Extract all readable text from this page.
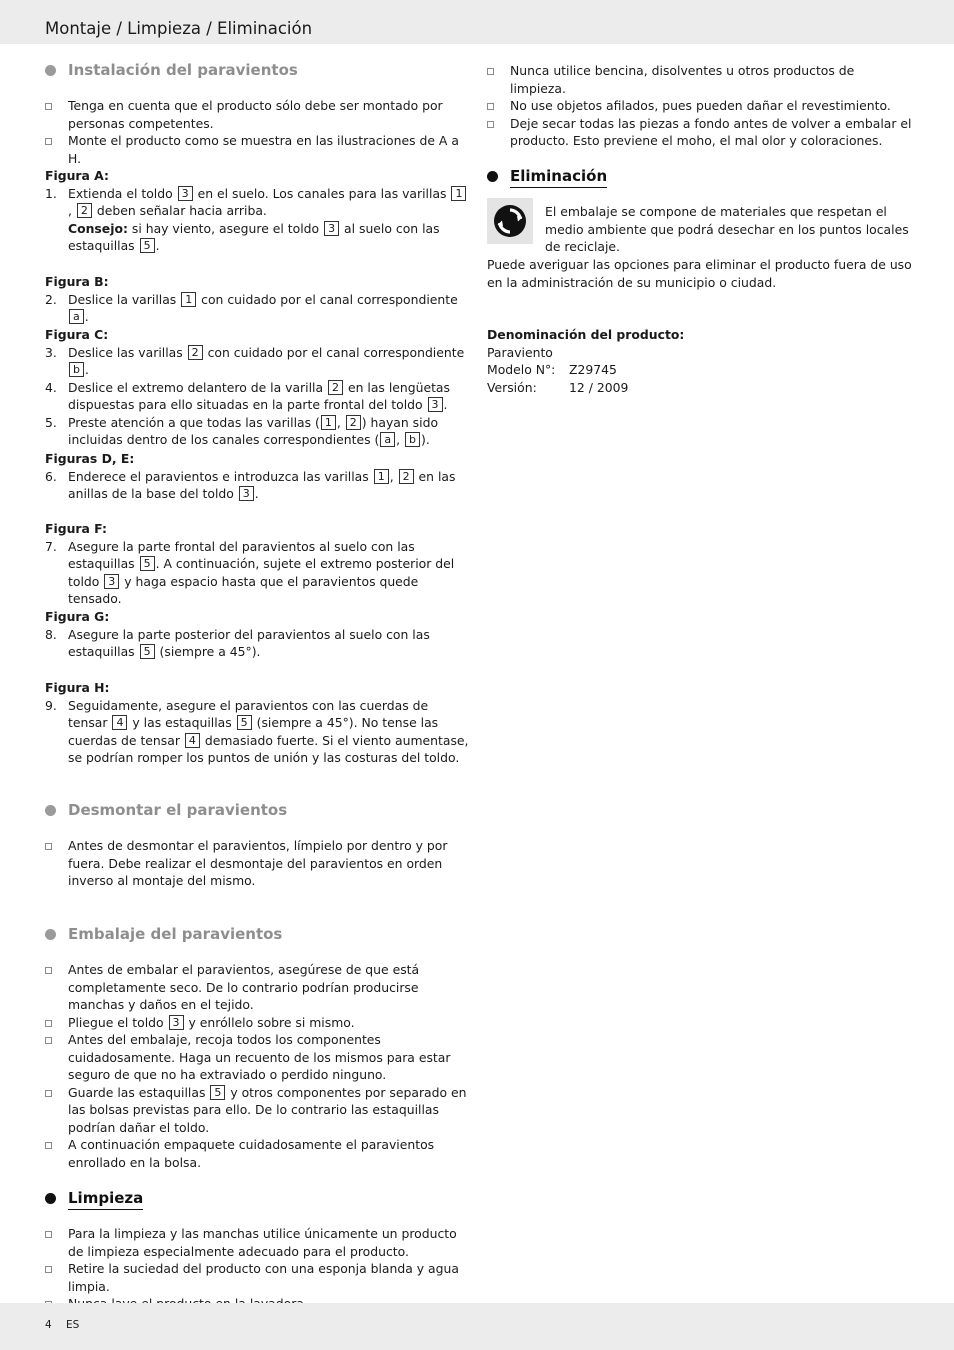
Montaje / Limpieza / Eliminación
Instalación del paravientos
Tenga en cuenta que el producto sólo debe ser montado por personas competentes.
Monte el producto como se muestra en las ilustraciones de A a H.
Figura A:
1. Extienda el toldo 3 en el suelo. Los canales para las varillas 1, 2 deben señalar hacia arriba.
Consejo: si hay viento, asegure el toldo 3 al suelo con las estaquillas 5 .
Figura B:
2. Deslice la varillas 1 con cuidado por el canal correspondiente a .
Figura C:
3. Deslice las varillas 2 con cuidado por el canal correspondiente b .
4. Deslice el extremo delantero de la varilla 2 en las lengüetas dispuestas para ello situadas en la parte frontal del toldo 3 .
5. Preste atención a que todas las varillas ( 1 , 2 ) hayan sido incluidas dentro de los canales correspondientes ( a , b ).
Figuras D, E:
6. Enderece el paravientos e introduzca las varillas 1 , 2 en las anillas de la base del toldo 3 .
Figura F:
7. Asegure la parte frontal del paravientos al suelo con las estaquillas 5 . A continuación, sujete el extremo posterior del toldo 3 y haga espacio hasta que el paravientos quede tensado.
Figura G:
8. Asegure la parte posterior del paravientos al suelo con las estaquillas 5 (siempre a 45°).
Figura H:
9. Seguidamente, asegure el paravientos con las cuerdas de tensar 4 y las estaquillas 5 (siempre a 45°). No tense las cuerdas de tensar 4 demasiado fuerte. Si el viento aumentase, se podrían romper los puntos de unión y las costuras del toldo.
Desmontar el paravientos
Antes de desmontar el paravientos, límpielo por dentro y por fuera. Debe realizar el desmontaje del paravientos en orden inverso al montaje del mismo.
Embalaje del paravientos
Antes de embalar el paravientos, asegúrese de que está completamente seco. De lo contrario podrían producirse manchas y daños en el tejido.
Pliegue el toldo 3 y enróllelo sobre si mismo.
Antes del embalaje, recoja todos los componentes cuidadosamente. Haga un recuento de los mismos para estar seguro de que no ha extraviado o perdido ninguno.
Guarde las estaquillas 5 y otros componentes por separado en las bolsas previstas para ello. De lo contrario las estaquillas podrían dañar el toldo.
A continuación empaquete cuidadosamente el paravientos enrollado en la bolsa.
Limpieza
Para la limpieza y las manchas utilice únicamente un producto de limpieza especialmente adecuado para el producto.
Retire la suciedad del producto con una esponja blanda y agua limpia.
Nunca utilice bencina, disolventes u otros productos de limpieza.
No use objetos afilados, pues pueden dañar el revestimiento.
Deje secar todas las piezas a fondo antes de volver a embalar el producto. Esto previene el moho, el mal olor y coloraciones.
Eliminación
El embalaje se compone de materiales que respetan el medio ambiente que podrá desechar en los puntos locales de reciclaje.
Puede averiguar las opciones para eliminar el producto fuera de uso en la administración de su municipio o ciudad.
Denominación del producto:
Paraviento
Modelo N°:	Z29745
Versión:	12 / 2009
4 ES
